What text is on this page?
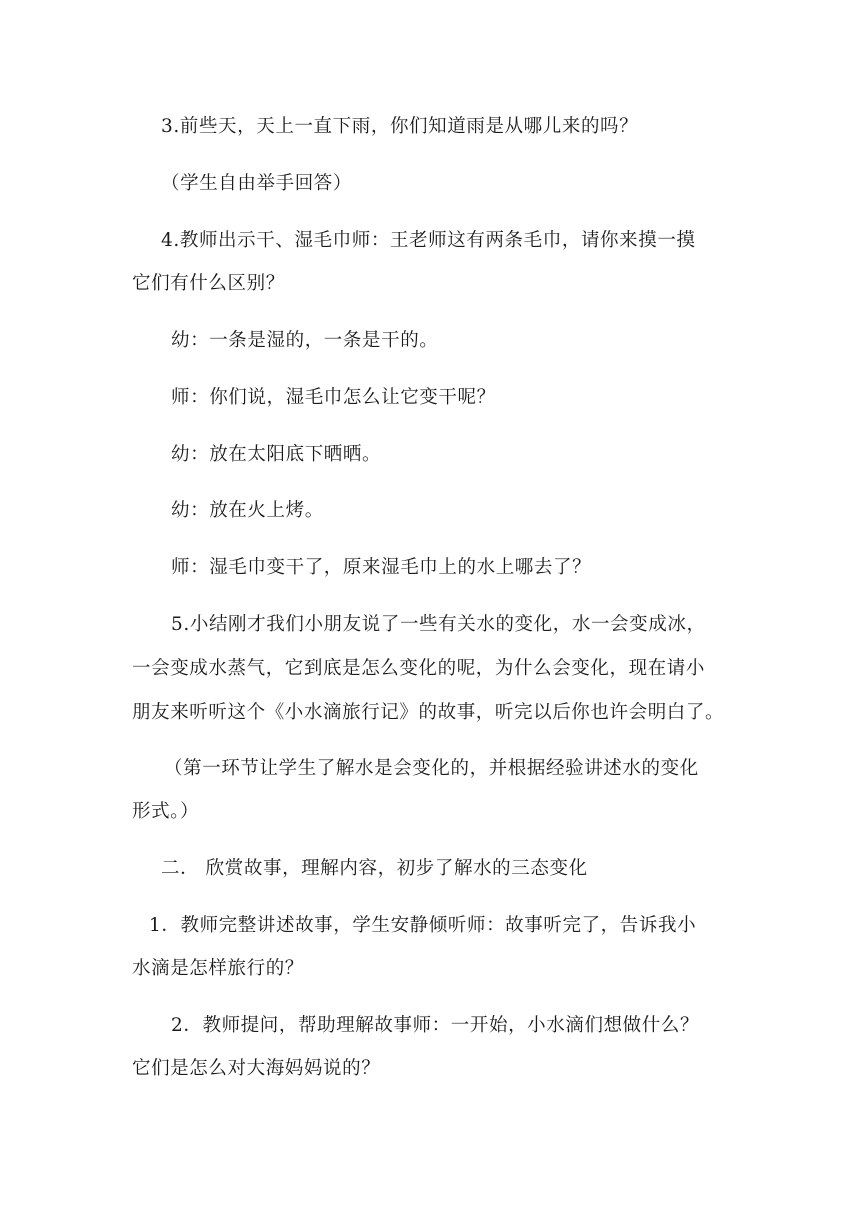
3.前些天，天上一直下雨，你们知道雨是从哪儿来的吗？
（学生自由举手回答）
4.教师出示干、湿毛巾师：王老师这有两条毛巾，请你来摸一摸
它们有什么区别？
幼：一条是湿的，一条是干的。
师：你们说，湿毛巾怎么让它变干呢？
幼：放在太阳底下晒晒。
幼：放在火上烤。
师：湿毛巾变干了，原来湿毛巾上的水上哪去了？
5.小结刚才我们小朋友说了一些有关水的变化，水一会变成冰，
一会变成水蒸气，它到底是怎么变化的呢，为什么会变化，现在请小
朋友来听听这个《小水滴旅行记》的故事，听完以后你也许会明白了。
（第一环节让学生了解水是会变化的，并根据经验讲述水的变化
形式。）
二． 欣赏故事，理解内容，初步了解水的三态变化
1．教师完整讲述故事，学生安静倾听师：故事听完了，告诉我小
水滴是怎样旅行的？
2．教师提问，帮助理解故事师：一开始，小水滴们想做什么？
它们是怎么对大海妈妈说的？
